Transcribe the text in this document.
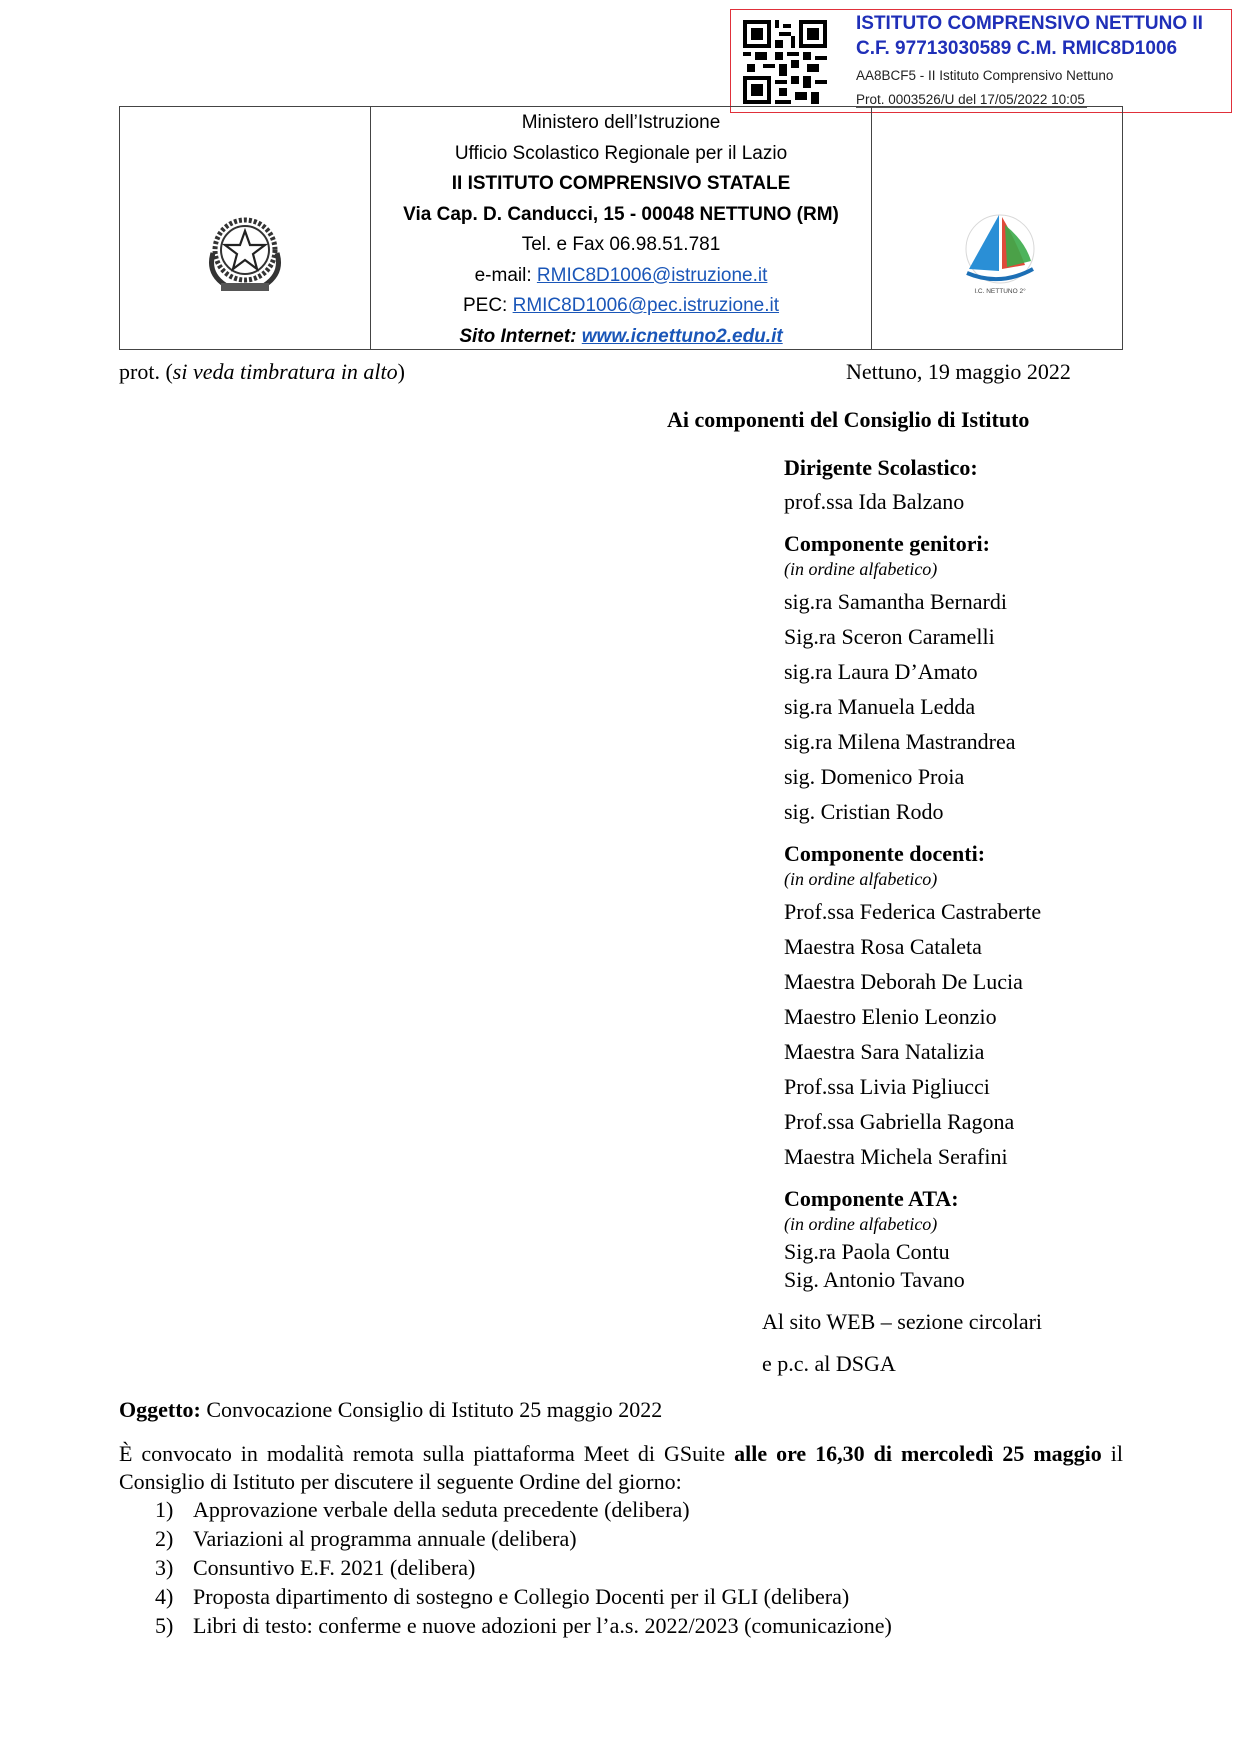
ISTITUTO COMPRENSIVO NETTUNO II
C.F. 97713030589 C.M. RMIC8D1006
AA8BCF5 - II Istituto Comprensivo Nettuno
Prot. 0003526/U del 17/05/2022 10:05
Ministero dell’Istruzione
Ufficio Scolastico Regionale per il Lazio
II ISTITUTO COMPRENSIVO STATALE
Via Cap. D. Canducci, 15 - 00048 NETTUNO (RM)
Tel. e Fax 06.98.51.781
e-mail: RMIC8D1006@istruzione.it
PEC: RMIC8D1006@pec.istruzione.it
Sito Internet: www.icnettuno2.edu.it
I.C. NETTUNO 2°
prot. (si veda timbratura in alto)	Nettuno, 19 maggio 2022
Ai componenti del Consiglio di Istituto
Dirigente Scolastico:
prof.ssa Ida Balzano
Componente genitori:
(in ordine alfabetico)
sig.ra Samantha Bernardi
Sig.ra Sceron Caramelli
sig.ra Laura D’Amato
sig.ra Manuela Ledda
sig.ra Milena Mastrandrea
sig. Domenico Proia
sig. Cristian Rodo
Componente docenti:
(in ordine alfabetico)
Prof.ssa Federica Castraberte
Maestra Rosa Cataleta
Maestra Deborah De Lucia
Maestro Elenio Leonzio
Maestra Sara Natalizia
Prof.ssa Livia Pigliucci
Prof.ssa Gabriella Ragona
Maestra Michela Serafini
Componente ATA:
(in ordine alfabetico)
Sig.ra Paola Contu
Sig. Antonio Tavano
Al sito WEB – sezione circolari
e p.c. al DSGA
Oggetto: Convocazione Consiglio di Istituto 25 maggio 2022
È convocato in modalità remota sulla piattaforma Meet di GSuite alle ore 16,30 di mercoledì 25 maggio il Consiglio di Istituto per discutere il seguente Ordine del giorno:
1) Approvazione verbale della seduta precedente (delibera)
2) Variazioni al programma annuale (delibera)
3) Consuntivo E.F. 2021 (delibera)
4) Proposta dipartimento di sostegno e Collegio Docenti per il GLI (delibera)
5) Libri di testo: conferme e nuove adozioni per l’a.s. 2022/2023 (comunicazione)
